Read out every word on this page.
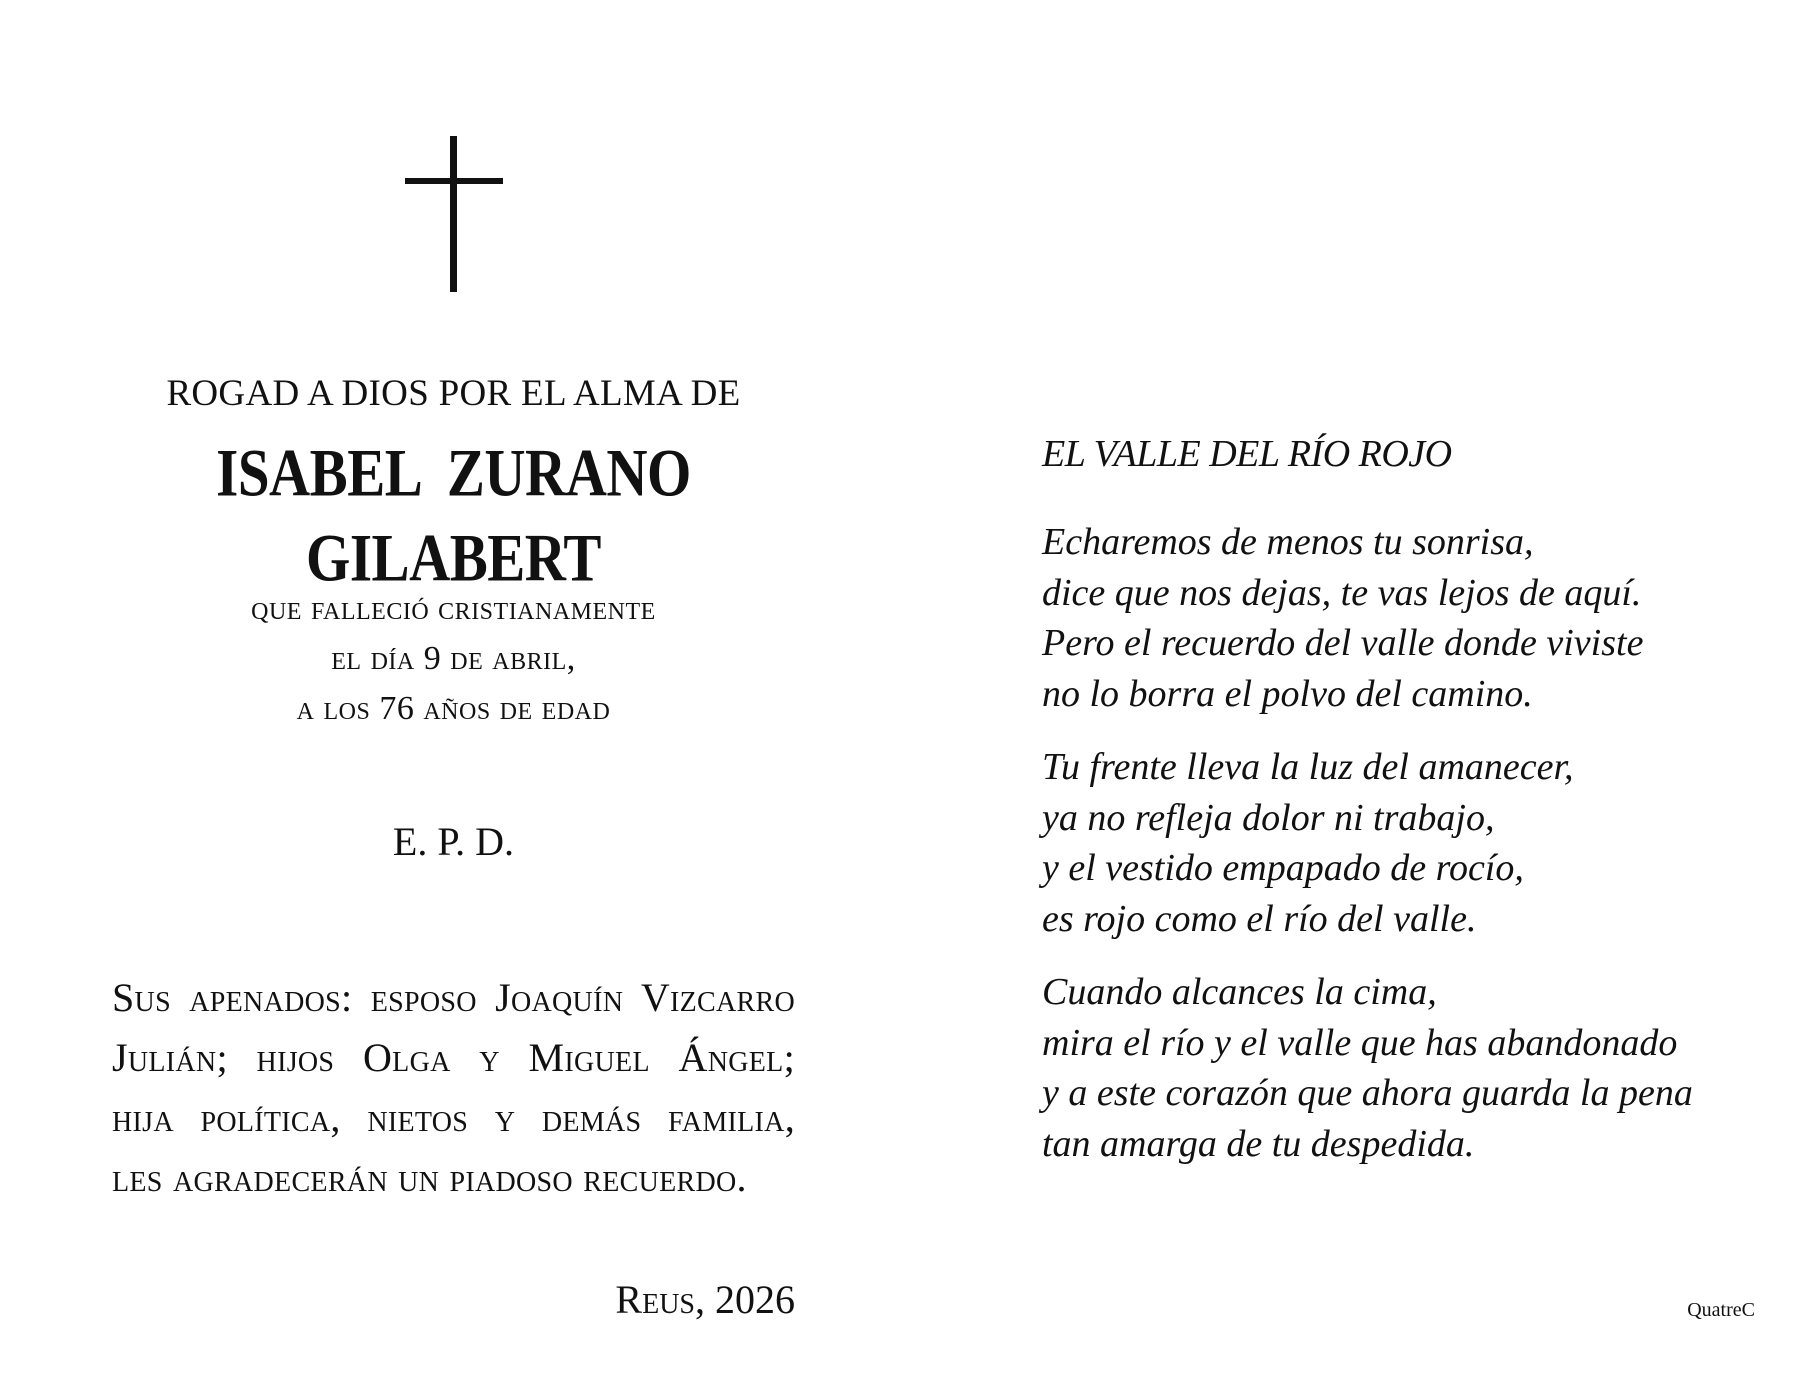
ROGAD A DIOS POR EL ALMA DE
ISABEL ZURANO GILABERT
que falleció cristianamente
el día 9 de abril,
a los 76 años de edad
E. P. D.
Sus apenados: esposo Joaquín Vizcarro
Julián; hijos Olga y Miguel Ángel;
hija política, nietos y demás familia,
les agradecerán un piadoso recuerdo.
Reus, 2026
EL VALLE DEL RÍO ROJO
Echaremos de menos tu sonrisa,
dice que nos dejas, te vas lejos de aquí.
Pero el recuerdo del valle donde viviste
no lo borra el polvo del camino.
Tu frente lleva la luz del amanecer,
ya no refleja dolor ni trabajo,
y el vestido empapado de rocío,
es rojo como el río del valle.
Cuando alcances la cima,
mira el río y el valle que has abandonado
y a este corazón que ahora guarda la pena
tan amarga de tu despedida.
QuatreC
